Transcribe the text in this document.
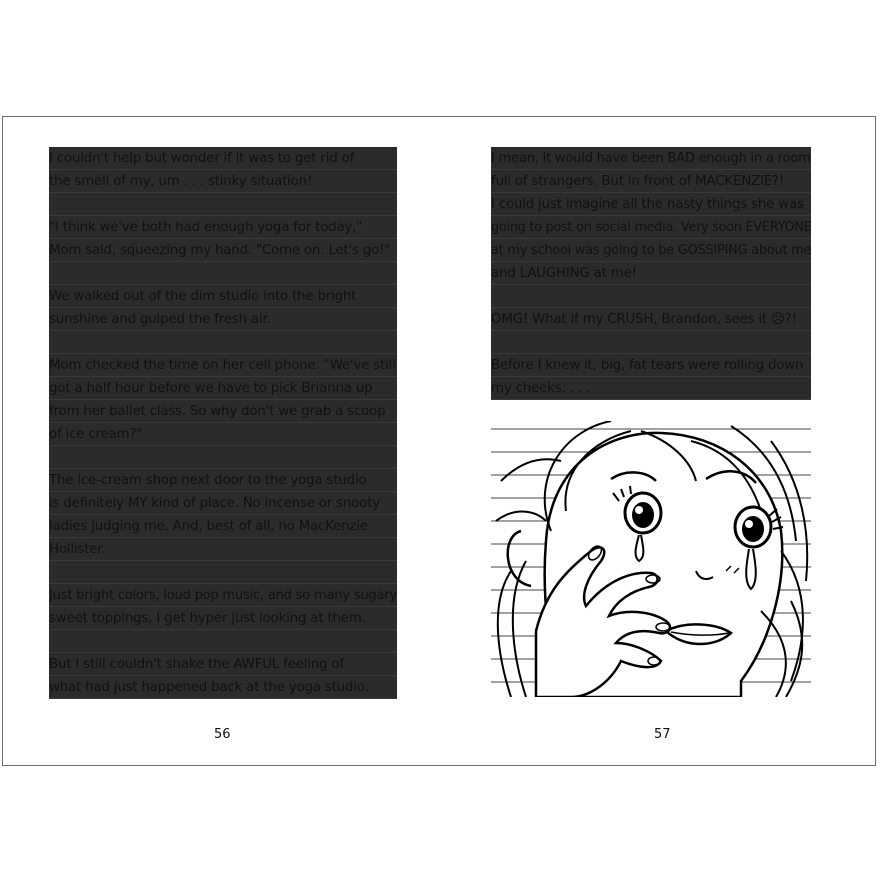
I couldn't help but wonder if it was to get rid of
the smell of my, um . . . stinky situation!
"I think we've both had enough yoga for today,"
Mom said, squeezing my hand. "Come on. Let's go!"
We walked out of the dim studio into the bright
sunshine and gulped the fresh air.
Mom checked the time on her cell phone. "We've still
got a half hour before we have to pick Brianna up
from her ballet class. So why don't we grab a scoop
of ice cream?"
The ice-cream shop next door to the yoga studio
is definitely MY kind of place. No incense or snooty
ladies judging me. And, best of all, no MacKenzie
Hollister.
Just bright colors, loud pop music, and so many sugary
sweet toppings, I get hyper just looking at them.
But I still couldn't shake the AWFUL feeling of
what had just happened back at the yoga studio.
I mean, it would have been BAD enough in a room
full of strangers. But in front of MACKENZIE?!
I could just imagine all the nasty things she was
going to post on social media. Very soon EVERYONE
at my school was going to be GOSSIPING about me
and LAUGHING at me!
OMG! What if my CRUSH, Brandon, sees it ☹?!
Before I knew it, big, fat tears were rolling down
my cheeks. . . .
56	57
